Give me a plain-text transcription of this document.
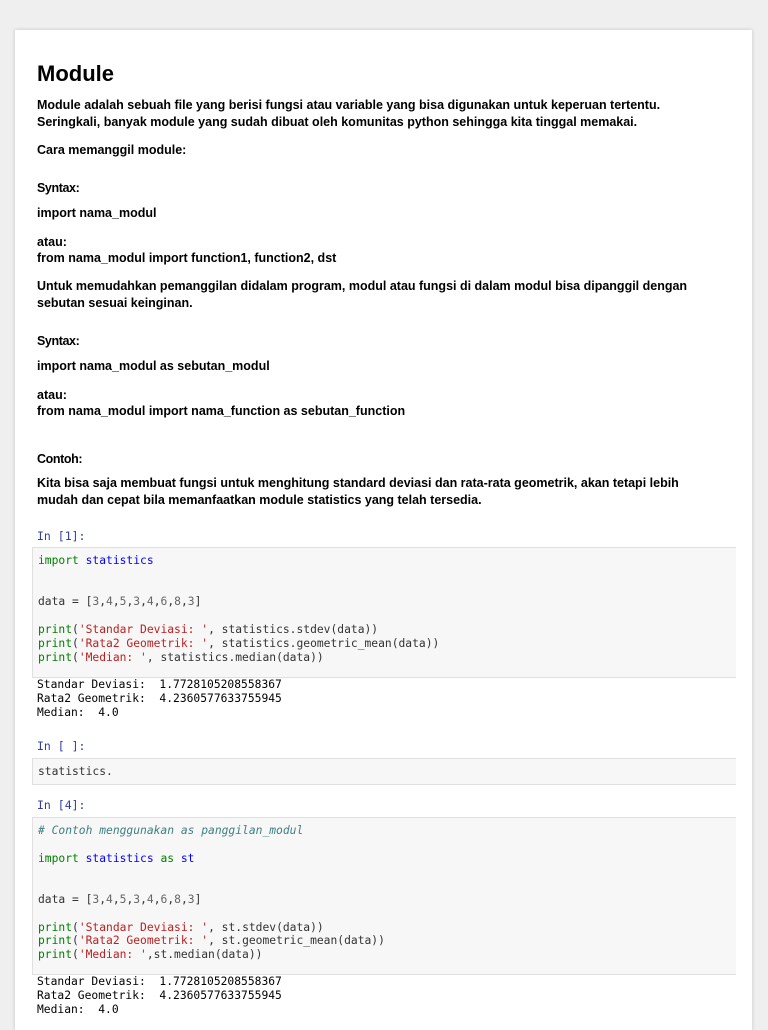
Module

Module adalah sebuah file yang berisi fungsi atau variable yang bisa digunakan untuk keperuan tertentu.

Seringkali, banyak module yang sudah dibuat oleh komunitas python sehingga kita tinggal memakai.

Cara memanggil module:

Syntax:

import nama_modul

atau:

from nama_modul import function1, function2, dst

Untuk memudahkan pemanggilan didalam program, modul atau fungsi di dalam modul bisa dipanggil dengan

sebutan sesuai keinginan.

Syntax:

import nama_modul as sebutan_modul

atau:

from nama_modul import nama_function as sebutan_function

Contoh:

Kita bisa saja membuat fungsi untuk menghitung standard deviasi dan rata-rata geometrik, akan tetapi lebih

mudah dan cepat bila memanfaatkan module statistics yang telah tersedia.

In [1]:
import statistics

data = [3,4,5,3,4,6,8,3]

print('Standar Deviasi: ', statistics.stdev(data))
print('Rata2 Geometrik: ', statistics.geometric_mean(data))
print('Median: ', statistics.median(data))
Standar Deviasi:  1.7728105208558367
Rata2 Geometrik:  4.2360577633755945
Median:  4.0
In [ ]:
statistics.
In [4]:
# Contoh menggunakan as panggilan_modul

import statistics as st

data = [3,4,5,3,4,6,8,3]

print('Standar Deviasi: ', st.stdev(data))
print('Rata2 Geometrik: ', st.geometric_mean(data))
print('Median: ',st.median(data))
Standar Deviasi:  1.7728105208558367
Rata2 Geometrik:  4.2360577633755945
Median:  4.0
